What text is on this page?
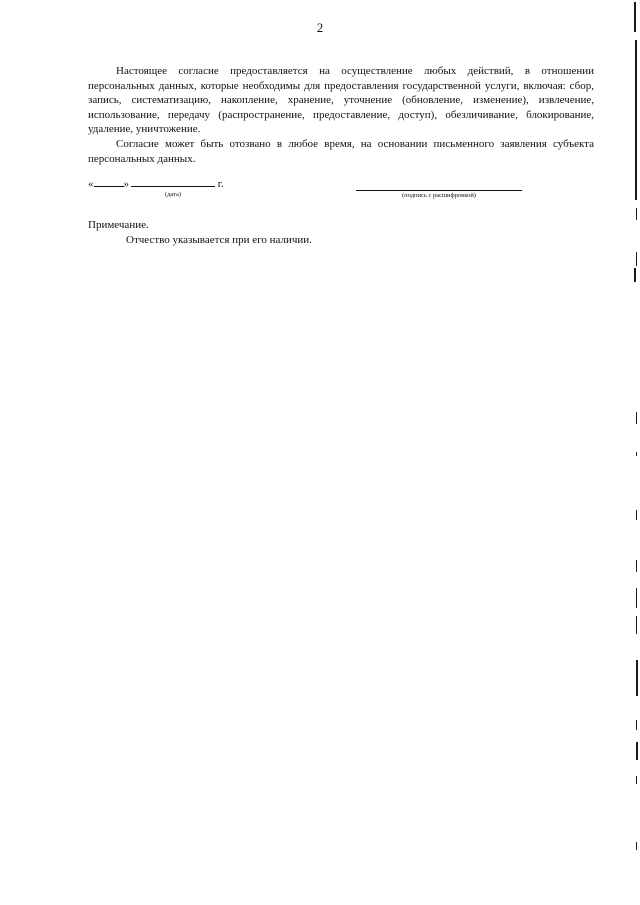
2

Настоящее согласие предоставляется на осуществление любых действий, в отношении персональных данных, которые необходимы для предоставления государственной услуги, включая: сбор, запись, систематизацию, накопление, хранение, уточнение (обновление, изменение), извлечение, использование, передачу (распространение, предоставление, доступ), обезличивание, блокирование, удаление, уничтожение.

Согласие может быть отозвано в любое время, на основании письменного заявления субъекта персональных данных.

«	»	г.
(дата)	(подпись с расшифровкой)
Примечание.
Отчество указывается при его наличии.
